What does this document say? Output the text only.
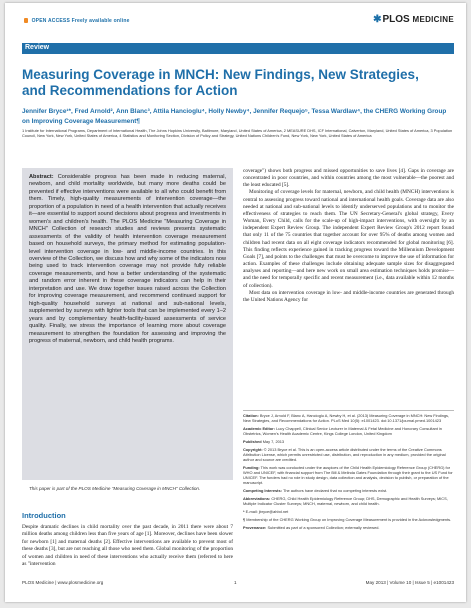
OPEN ACCESS Freely available online	✱PLOS MEDICINE
Review
Measuring Coverage in MNCH: New Findings, New Strategies, and Recommendations for Action
Jennifer Bryce¹*, Fred Arnold², Ann Blanc³, Attila Hancioglu⁴, Holly Newby⁴, Jennifer Requejo⁵, Tessa Wardlaw⁴, the CHERG Working Group on Improving Coverage Measurement¶
1 Institute for International Programs, Department of International Health, The Johns Hopkins University, Baltimore, Maryland, United States of America, 2 MEASURE DHS, ICF International, Calverton, Maryland, United States of America, 3 Population Council, New York, New York, United States of America, 4 Statistics and Monitoring Section, Division of Policy and Strategy, United Nations Children's Fund, New York, New York, United States of America

Abstract: Considerable progress has been made in reducing maternal, newborn, and child mortality worldwide, but many more deaths could be prevented if effective interventions were available to all who could benefit from them. Timely, high-quality measurements of intervention coverage—the proportion of a population in need of a health intervention that actually receives it—are essential to support sound decisions about progress and investments in women's and children's health. The PLOS Medicine "Measuring Coverage in MNCH" Collection of research studies and reviews presents systematic assessments of the validity of health intervention coverage measurement based on household surveys, the primary method for estimating population-level intervention coverage in low- and middle-income countries. In this overview of the Collection, we discuss how and why some of the indicators now being used to track intervention coverage may not provide fully reliable coverage measurements, and how a better understanding of the systematic and random error inherent in these coverage indicators can help in their interpretation and use. We draw together issues raised across the Collection for improving coverage measurement, and recommend continued support for high-quality household surveys at national and sub-national levels, supplemented by surveys with lighter tools that can be implemented every 1–2 years and by complementary health-facility-based assessments of service quality. Finally, we stress the importance of learning more about coverage measurement to strengthen the foundation for assessing and improving the progress of maternal, newborn, and child health programs.

This paper is part of the PLOS Medicine "Measuring Coverage in MNCH" Collection.
Introduction

Despite dramatic declines in child mortality over the past decade, in 2011 there were about 7 million deaths among children less than five years of age [1]. Moreover, declines have been slower for newborn [1] and maternal deaths [2]. Effective interventions are available to prevent most of these deaths [3], but are not reaching all those who need them. Global monitoring of the proportion of women and children in need of these interventions who actually receive them (referred to here as "intervention

coverage") shows both progress and missed opportunities to save lives [4]. Gaps in coverage are concentrated in poor countries, and within countries among the most vulnerable—the poorest and the least educated [5].

Monitoring of coverage levels for maternal, newborn, and child health (MNCH) interventions is central to assessing progress toward national and international health goals. Coverage data are also needed at national and sub-national levels to identify underserved populations and to monitor the effectiveness of strategies to reach them. The UN Secretary-General's global strategy, Every Woman, Every Child, calls for the scale-up of high-impact interventions, with oversight by an independent Expert Review Group. The independent Expert Review Group's 2012 report found that only 11 of the 75 countries that together account for over 95% of deaths among women and children had recent data on all eight coverage indicators recommended for global monitoring [6]. This finding reflects experience gained in tracking progress toward the Millennium Development Goals [7], and points to the challenges that must be overcome to improve the use of information for action. Examples of these challenges include obtaining adequate sample sizes for disaggregated analyses and reporting—and here new work on small area estimation techniques holds promise—and the need for temporally specific and recent measurement (i.e., data available within 12 months of collection).

Most data on intervention coverage in low- and middle-income countries are generated through the United Nations Agency for

Citation: Bryce J, Arnold F, Blanc A, Hancioglu A, Newby H, et al. (2013) Measuring Coverage in MNCH: New Findings, New Strategies, and Recommendations for Action. PLoS Med 10(5): e1001423. doi:10.1371/journal.pmed.1001423

Academic Editor: Lucy Chappell, Clinical Senior Lecturer in Maternal & Fetal Medicine and Honorary Consultant in Obstetrics, Women's Health Academic Centre, Kings College London, United Kingdom

Published May 7, 2013

Copyright: © 2013 Bryce et al. This is an open-access article distributed under the terms of the Creative Commons Attribution License, which permits unrestricted use, distribution, and reproduction in any medium, provided the original author and source are credited.

Funding: This work was conducted under the auspices of the Child Health Epidemiology Reference Group (CHERG) for WHO and UNICEF, with financial support from The Bill & Melinda Gates Foundation through their grant to the US Fund for UNICEF. The funders had no role in study design, data collection and analysis, decision to publish, or preparation of the manuscript.

Competing Interests: The authors have declared that no competing interests exist.

Abbreviations: CHERG, Child Health Epidemiology Reference Group; DHS, Demographic and Health Surveys; MICS, Multiple Indicator Cluster Surveys; MNCH, maternal, newborn, and child health.

* E-mail: jbryce@ahbd.net

¶ Membership of the CHERG Working Group on Improving Coverage Measurement is provided in the Acknowledgments.

Provenance: Submitted as part of a sponsored Collection; externally reviewed.

PLOS Medicine | www.plosmedicine.org	1	May 2013 | Volume 10 | Issue 5 | e1001423
